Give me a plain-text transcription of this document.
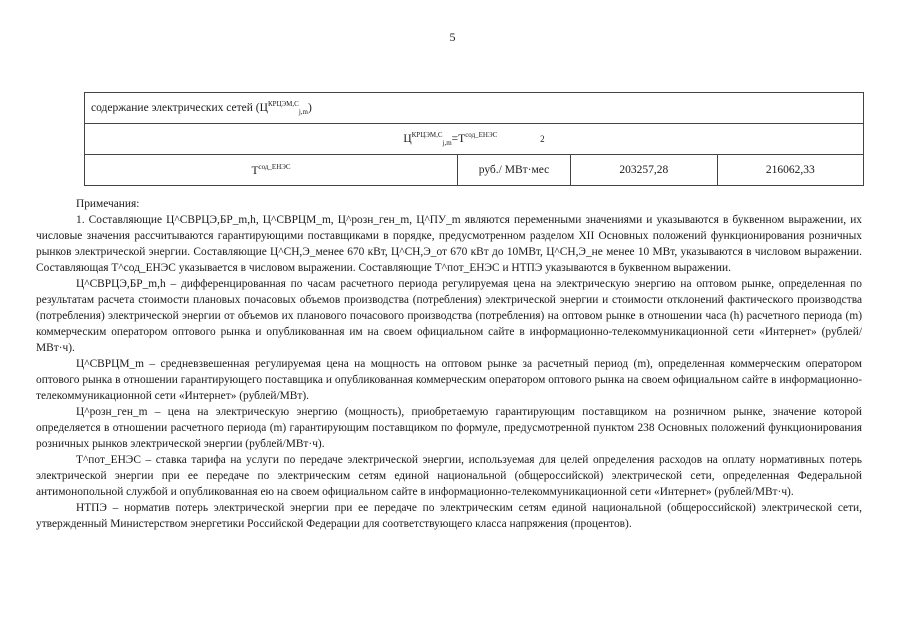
5
содержание электрических сетей $(Ц^{КРЦЭМ,С}_{j,m})$
$Ц^{КРЦЭМ,С}_{j,m}=Т^{сод\_ЕНЭС}$	2
$Т^{сод\_ЕНЭС}$	руб./ МВт·мес	203257,28	216062,33

Примечания:

1. Составляющие Ц^СВРЦЭ,БР_m,h, Ц^СВРЦМ_m, Ц^розн_ген_m, Ц^ПУ_m являются переменными значениями и указываются в буквенном выражении, их числовые значения рассчитываются гарантирующими поставщиками в порядке, предусмотренном разделом XII Основных положений функционирования розничных рынков электрической энергии. Составляющие Ц^СН,Э_менее 670 кВт, Ц^СН,Э_от 670 кВт до 10МВт, Ц^СН,Э_не менее 10 МВт, указываются в числовом выражении. Составляющая Т^сод_ЕНЭС указывается в числовом выражении. Составляющие Т^пот_ЕНЭС и НТПЭ указываются в буквенном выражении.

Ц^СВРЦЭ,БР_m,h – дифференцированная по часам расчетного периода регулируемая цена на электрическую энергию на оптовом рынке, определенная по результатам расчета стоимости плановых почасовых объемов производства (потребления) электрической энергии и стоимости отклонений фактического производства (потребления) электрической энергии от объемов их планового почасового производства (потребления) на оптовом рынке в отношении часа (h) расчетного периода (m) коммерческим оператором оптового рынка и опубликованная им на своем официальном сайте в информационно-телекоммуникационной сети «Интернет» (рублей/МВт·ч).

Ц^СВРЦМ_m – средневзвешенная регулируемая цена на мощность на оптовом рынке за расчетный период (m), определенная коммерческим оператором оптового рынка в отношении гарантирующего поставщика и опубликованная коммерческим оператором оптового рынка на своем официальном сайте в информационно-телекоммуникационной сети «Интернет» (рублей/МВт).

Ц^розн_ген_m – цена на электрическую энергию (мощность), приобретаемую гарантирующим поставщиком на розничном рынке, значение которой определяется в отношении расчетного периода (m) гарантирующим поставщиком по формуле, предусмотренной пунктом 238 Основных положений функционирования розничных рынков электрической энергии (рублей/МВт·ч).

Т^пот_ЕНЭС – ставка тарифа на услуги по передаче электрической энергии, используемая для целей определения расходов на оплату нормативных потерь электрической энергии при ее передаче по электрическим сетям единой национальной (общероссийской) электрической сети, определенная Федеральной антимонопольной службой и опубликованная ею на своем официальном сайте в информационно-телекоммуникационной сети «Интернет» (рублей/МВт·ч).

НТПЭ – норматив потерь электрической энергии при ее передаче по электрическим сетям единой национальной (общероссийской) электрической сети, утвержденный Министерством энергетики Российской Федерации для соответствующего класса напряжения (процентов).
